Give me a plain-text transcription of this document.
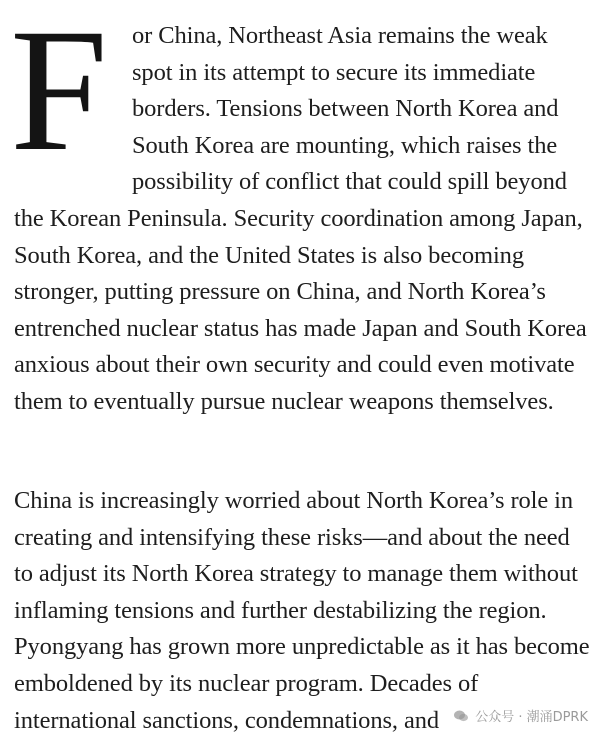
For China, Northeast Asia remains the weak spot in its attempt to secure its immediate borders. Tensions between North Korea and South Korea are mounting, which raises the possibility of conflict that could spill beyond the Korean Peninsula. Security coordination among Japan, South Korea, and the United States is also becoming stronger, putting pressure on China, and North Korea’s entrenched nuclear status has made Japan and South Korea anxious about their own security and could even motivate them to eventually pursue nuclear weapons themselves.

China is increasingly worried about North Korea’s role in creating and intensifying these risks—and about the need to adjust its North Korea strategy to manage them without inflaming tensions and further destabilizing the region. Pyongyang has grown more unpredictable as it has become emboldened by its nuclear program. Decades of international sanctions, condemnations, and	公众号 · 潮涌DPRK
